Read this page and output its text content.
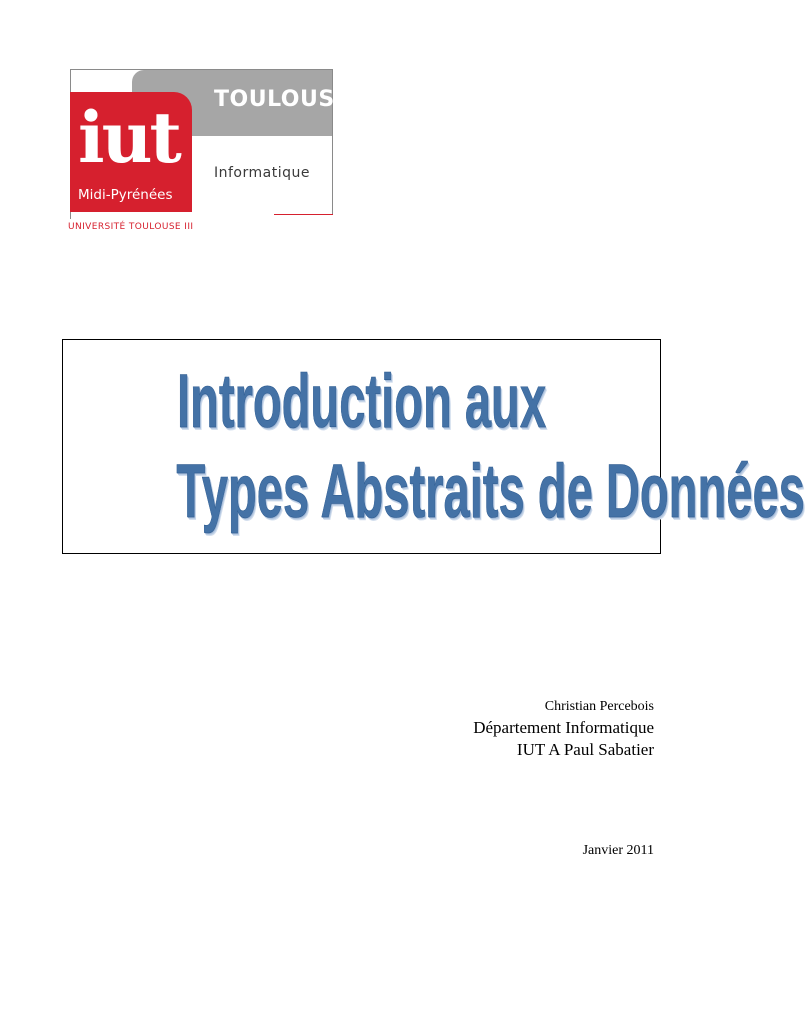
TOULOUSE
iut
Midi-Pyrénées
Informatique
UNIVERSITÉ TOULOUSE III
Introduction aux
Types Abstraits de Données
Christian Percebois
Département Informatique
IUT A Paul Sabatier
Janvier 2011
